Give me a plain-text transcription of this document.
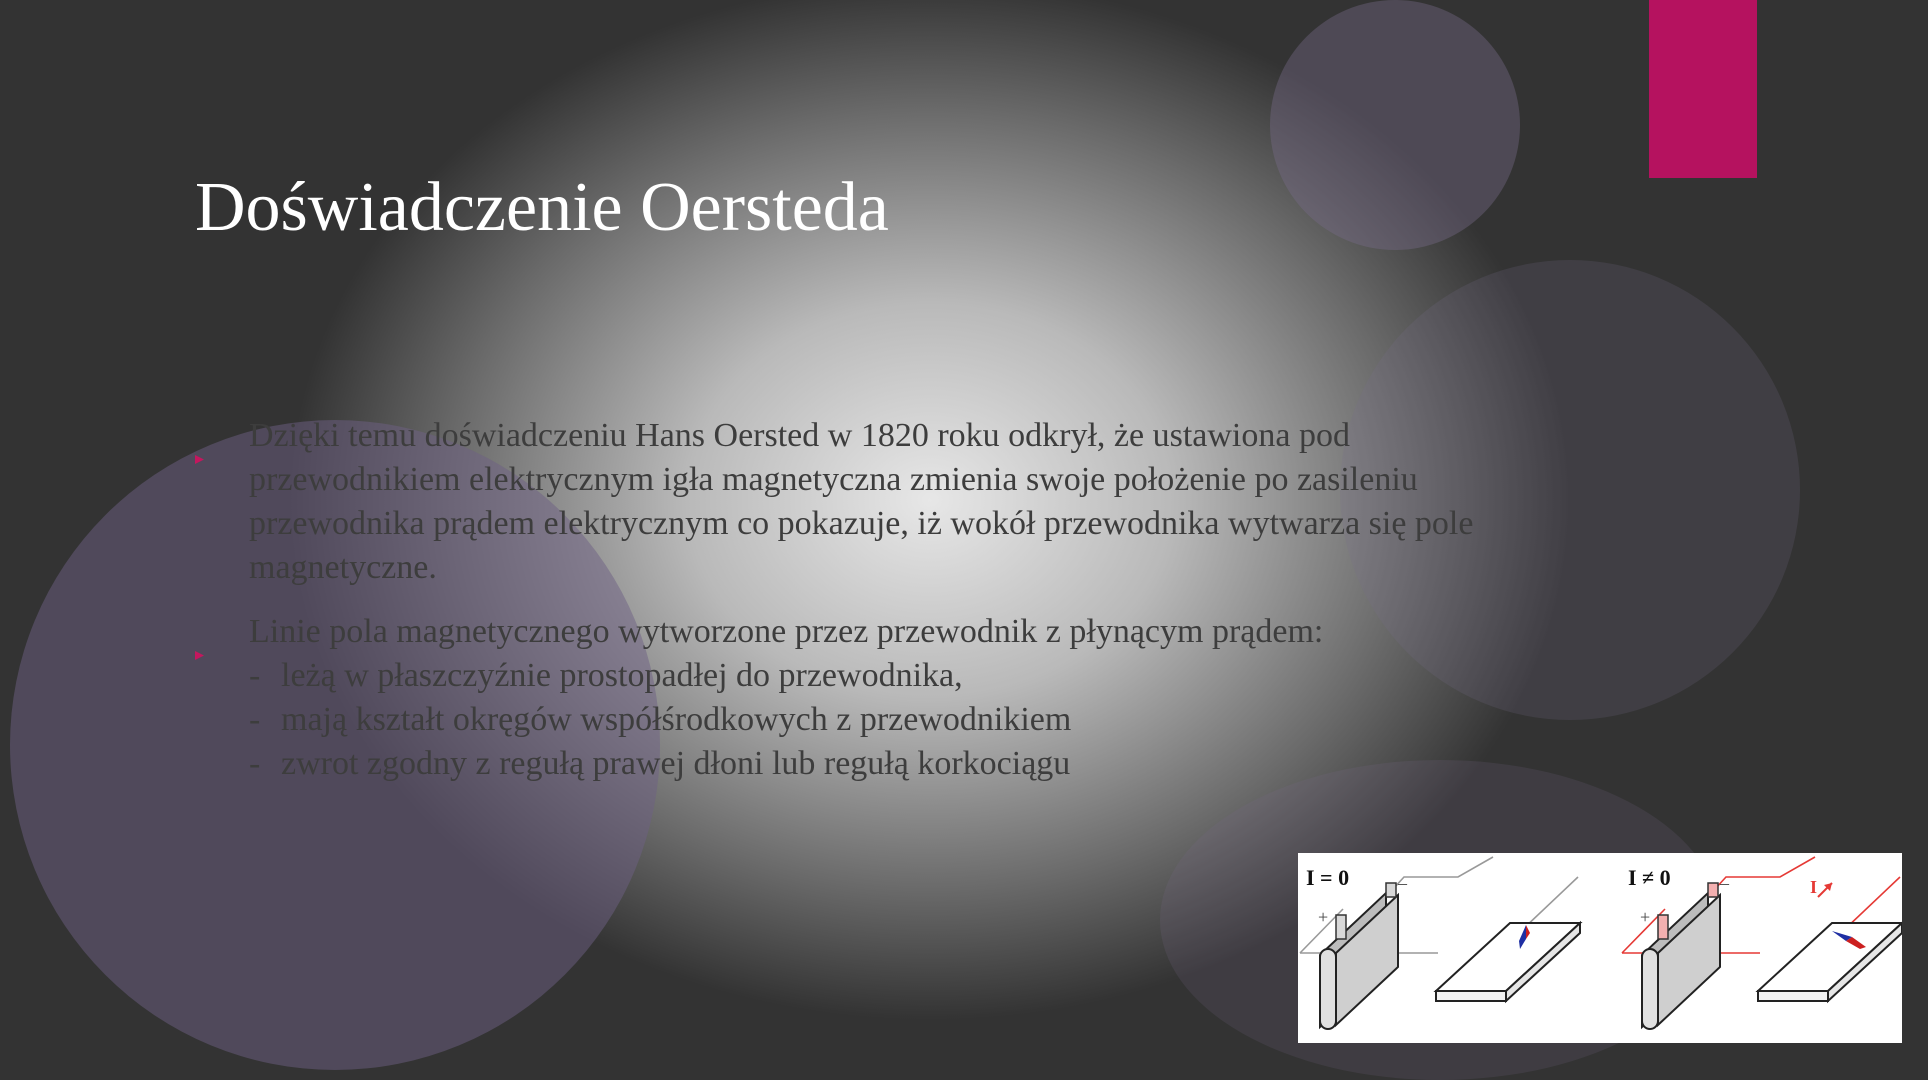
Doświadczenie Oersteda
Dzięki temu doświadczeniu Hans Oersted w 1820 roku odkrył, że ustawiona pod
przewodnikiem elektrycznym igła magnetyczna zmienia swoje położenie po zasileniu
przewodnika prądem elektrycznym co pokazuje, iż wokół przewodnika wytwarza się pole
magnetyczne.
Linie pola magnetycznego wytworzone przez przewodnik z płynącym prądem:
- leżą w płaszczyźnie prostopadłej do przewodnika,
- mają kształt okręgów współśrodkowych z przewodnikiem
- zwrot zgodny z regułą prawej dłoni lub regułą korkociągu
I = 0
+
–	I ≠ 0	I
+
–
